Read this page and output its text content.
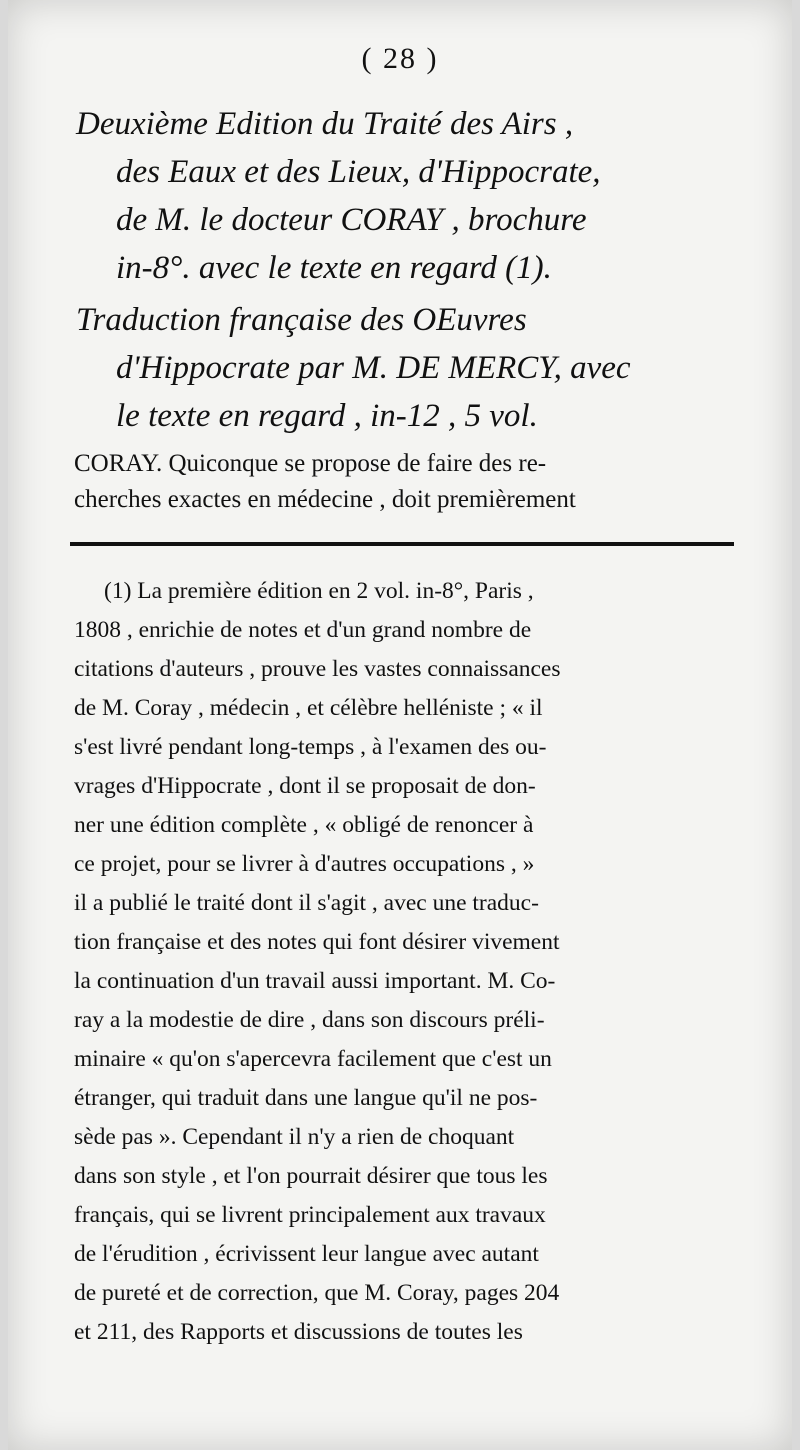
( 28 )
Deuxième Edition du Traité des Airs ,
des Eaux et des Lieux, d'Hippocrate,
de M. le docteur CORAY , brochure
in-8°. avec le texte en regard (1).
Traduction française des OEuvres
d'Hippocrate par M. DE MERCY, avec
le texte en regard , in-12 , 5 vol.
CORAY. Quiconque se propose de faire des re-
cherches exactes en médecine , doit premièrement
(1) La première édition en 2 vol. in-8°, Paris ,
1808 , enrichie de notes et d'un grand nombre de
citations d'auteurs , prouve les vastes connaissances
de M. Coray , médecin , et célèbre helléniste ; « il
s'est livré pendant long-temps , à l'examen des ou-
vrages d'Hippocrate , dont il se proposait de don-
ner une édition complète , « obligé de renoncer à
ce projet, pour se livrer à d'autres occupations , »
il a publié le traité dont il s'agit , avec une traduc-
tion française et des notes qui font désirer vivement
la continuation d'un travail aussi important. M. Co-
ray a la modestie de dire , dans son discours préli-
minaire « qu'on s'apercevra facilement que c'est un
étranger, qui traduit dans une langue qu'il ne pos-
sède pas ». Cependant il n'y a rien de choquant
dans son style , et l'on pourrait désirer que tous les
français, qui se livrent principalement aux travaux
de l'érudition , écrivissent leur langue avec autant
de pureté et de correction, que M. Coray, pages 204
et 211, des Rapports et discussions de toutes les
